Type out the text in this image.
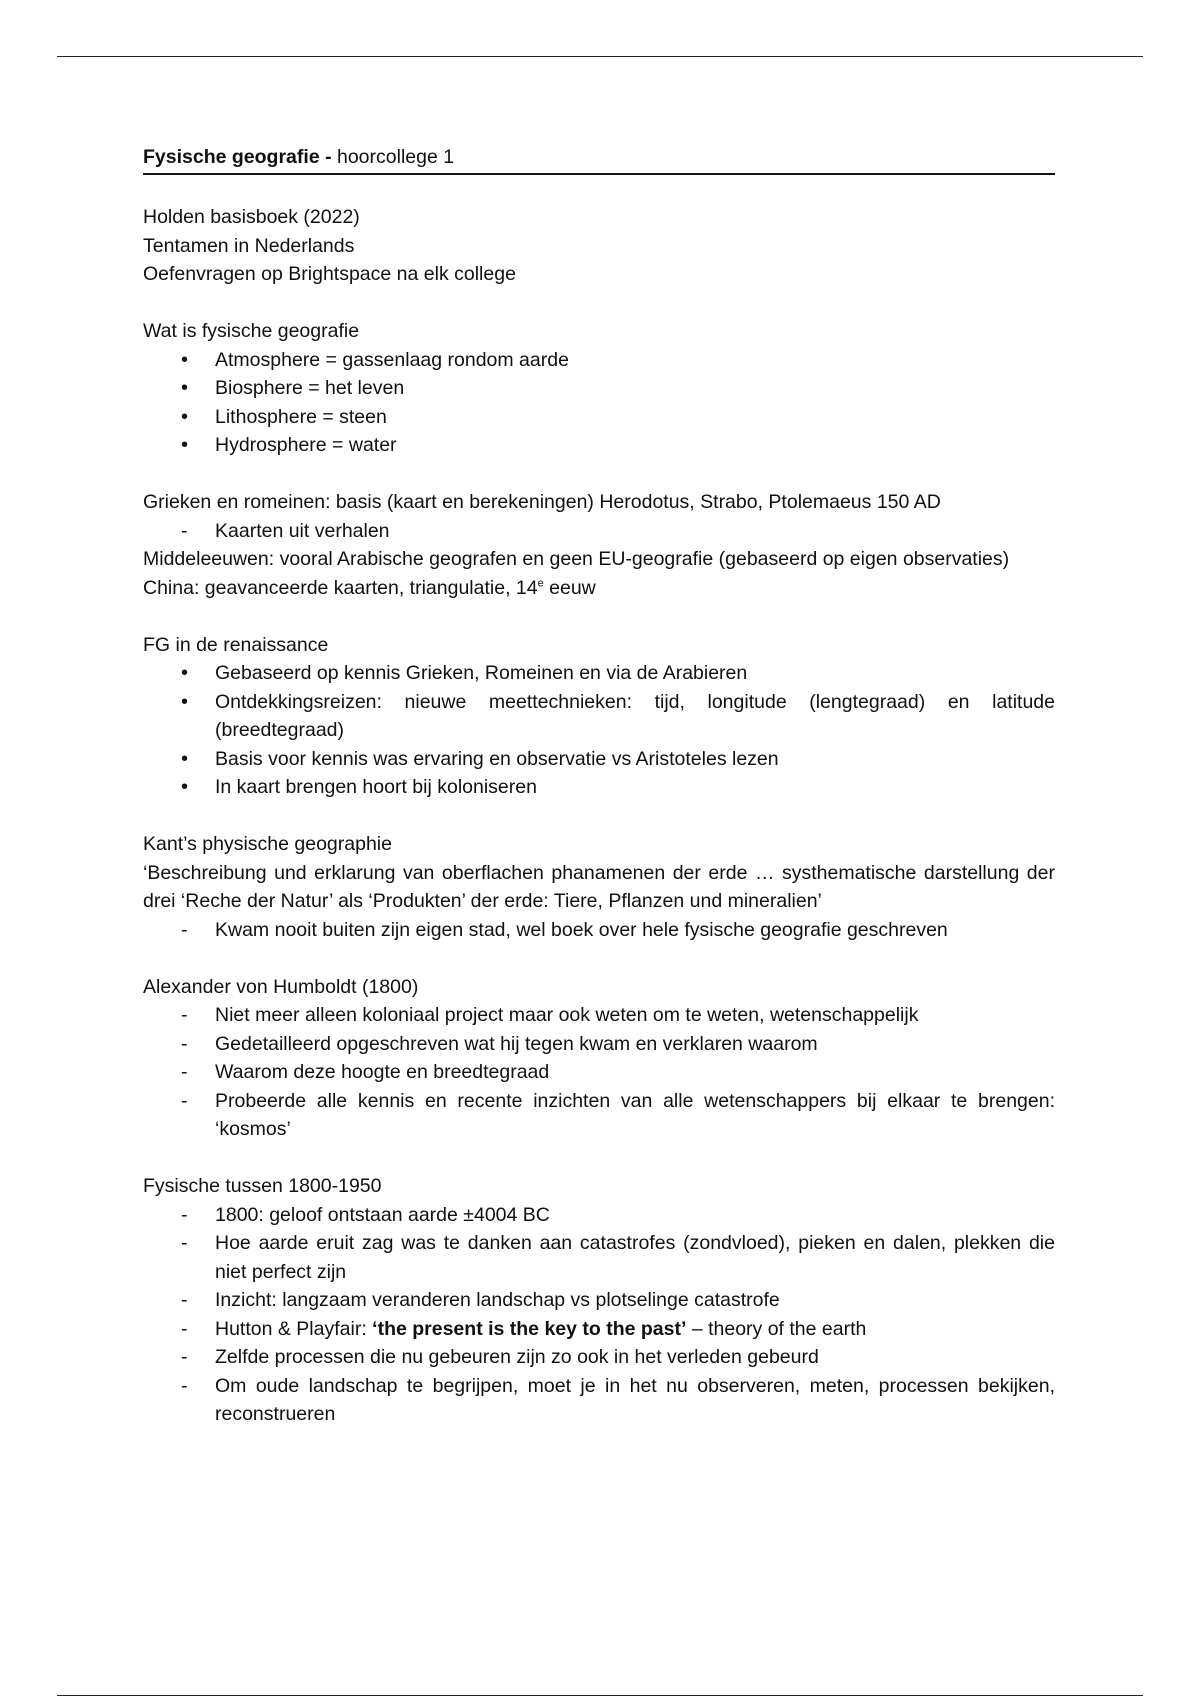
Fysische geografie - hoorcollege 1

Holden basisboek (2022)

Tentamen in Nederlands

Oefenvragen op Brightspace na elk college

Wat is fysische geografie

• Atmosphere = gassenlaag rondom aarde
• Biosphere = het leven
• Lithosphere = steen
• Hydrosphere = water

Grieken en romeinen: basis (kaart en berekeningen) Herodotus, Strabo, Ptolemaeus 150 AD

- Kaarten uit verhalen

Middeleeuwen: vooral Arabische geografen en geen EU-geografie (gebaseerd op eigen observaties)

China: geavanceerde kaarten, triangulatie, 14e eeuw

FG in de renaissance

• Gebaseerd op kennis Grieken, Romeinen en via de Arabieren
• Ontdekkingsreizen: nieuwe meettechnieken: tijd, longitude (lengtegraad) en latitude (breedtegraad)
• Basis voor kennis was ervaring en observatie vs Aristoteles lezen
• In kaart brengen hoort bij koloniseren

Kant’s physische geographie

‘Beschreibung und erklarung van oberflachen phanamenen der erde … systhematische darstellung der drei ‘Reche der Natur’ als ‘Produkten’ der erde: Tiere, Pflanzen und mineralien’

- Kwam nooit buiten zijn eigen stad, wel boek over hele fysische geografie geschreven

Alexander von Humboldt (1800)

- Niet meer alleen koloniaal project maar ook weten om te weten, wetenschappelijk
- Gedetailleerd opgeschreven wat hij tegen kwam en verklaren waarom
- Waarom deze hoogte en breedtegraad
- Probeerde alle kennis en recente inzichten van alle wetenschappers bij elkaar te brengen: ‘kosmos’

Fysische tussen 1800-1950

- 1800: geloof ontstaan aarde ±4004 BC
- Hoe aarde eruit zag was te danken aan catastrofes (zondvloed), pieken en dalen, plekken die niet perfect zijn
- Inzicht: langzaam veranderen landschap vs plotselinge catastrofe
- Hutton & Playfair: ‘the present is the key to the past’ – theory of the earth
- Zelfde processen die nu gebeuren zijn zo ook in het verleden gebeurd
- Om oude landschap te begrijpen, moet je in het nu observeren, meten, processen bekijken, reconstrueren
